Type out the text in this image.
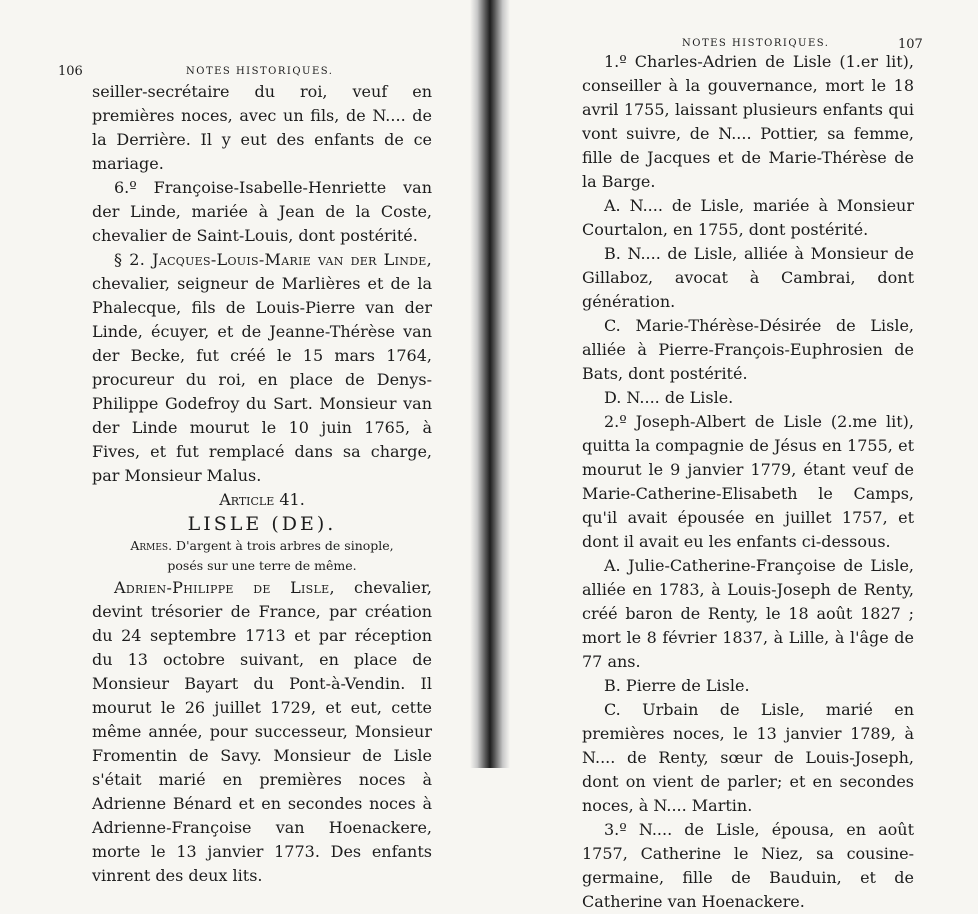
106	NOTES HISTORIQUES.

seiller-secrétaire du roi, veuf en premières noces, avec un fils, de N.... de la Derrière. Il y eut des enfants de ce mariage.

6.º Françoise-Isabelle-Henriette van der Linde, mariée à Jean de la Coste, chevalier de Saint-Louis, dont postérité.

§ 2. Jacques-Louis-Marie van der Linde, chevalier, seigneur de Marlières et de la Phalecque, fils de Louis-Pierre van der Linde, écuyer, et de Jeanne-Thérèse van der Becke, fut créé le 15 mars 1764, procureur du roi, en place de Denys-Philippe Godefroy du Sart. Monsieur van der Linde mourut le 10 juin 1765, à Fives, et fut remplacé dans sa charge, par Monsieur Malus.

Article 41.

LISLE (DE).

Armes. D'argent à trois arbres de sinople,
posés sur une terre de même.

Adrien-Philippe de Lisle, chevalier, devint trésorier de France, par création du 24 septembre 1713 et par réception du 13 octobre suivant, en place de Monsieur Bayart du Pont-à-Vendin. Il mourut le 26 juillet 1729, et eut, cette même année, pour successeur, Monsieur Fromentin de Savy. Monsieur de Lisle s'était marié en premières noces à Adrienne Bénard et en secondes noces à Adrienne-Françoise van Hoenackere, morte le 13 janvier 1773. Des enfants vinrent des deux lits.

NOTES HISTORIQUES.	107

1.º Charles-Adrien de Lisle (1.er lit), conseiller à la gouvernance, mort le 18 avril 1755, laissant plusieurs enfants qui vont suivre, de N.... Pottier, sa femme, fille de Jacques et de Marie-Thérèse de la Barge.

A. N.... de Lisle, mariée à Monsieur Courtalon, en 1755, dont postérité.

B. N.... de Lisle, alliée à Monsieur de Gillaboz, avocat à Cambrai, dont génération.

C. Marie-Thérèse-Désirée de Lisle, alliée à Pierre-François-Euphrosien de Bats, dont postérité.

D. N.... de Lisle.

2.º Joseph-Albert de Lisle (2.me lit), quitta la compagnie de Jésus en 1755, et mourut le 9 janvier 1779, étant veuf de Marie-Catherine-Elisabeth le Camps, qu'il avait épousée en juillet 1757, et dont il avait eu les enfants ci-dessous.

A. Julie-Catherine-Françoise de Lisle, alliée en 1783, à Louis-Joseph de Renty, créé baron de Renty, le 18 août 1827 ; mort le 8 février 1837, à Lille, à l'âge de 77 ans.

B. Pierre de Lisle.

C. Urbain de Lisle, marié en premières noces, le 13 janvier 1789, à N.... de Renty, sœur de Louis-Joseph, dont on vient de parler; et en secondes noces, à N.... Martin.

3.º N.... de Lisle, épousa, en août 1757, Catherine le Niez, sa cousine-germaine, fille de Bauduin, et de Catherine van Hoenackere.
